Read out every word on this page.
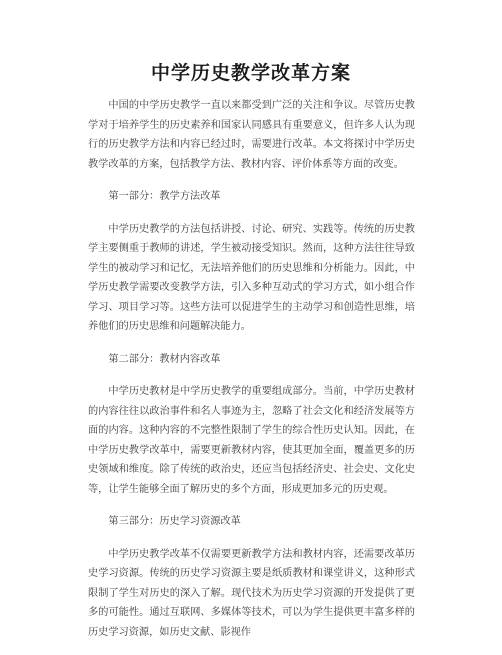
中学历史教学改革方案

中国的中学历史教学一直以来都受到广泛的关注和争议。尽管历史教学对于培养学生的历史素养和国家认同感具有重要意义，但许多人认为现行的历史教学方法和内容已经过时，需要进行改革。本文将探讨中学历史教学改革的方案，包括教学方法、教材内容、评价体系等方面的改变。

第一部分：教学方法改革

中学历史教学的方法包括讲授、讨论、研究、实践等。传统的历史教学主要侧重于教师的讲述，学生被动接受知识。然而，这种方法往往导致学生的被动学习和记忆，无法培养他们的历史思维和分析能力。因此，中学历史教学需要改变教学方法，引入多种互动式的学习方式，如小组合作学习、项目学习等。这些方法可以促进学生的主动学习和创造性思维，培养他们的历史思维和问题解决能力。

第二部分：教材内容改革

中学历史教材是中学历史教学的重要组成部分。当前，中学历史教材的内容往往以政治事件和名人事迹为主，忽略了社会文化和经济发展等方面的内容。这种内容的不完整性限制了学生的综合性历史认知。因此，在中学历史教学改革中，需要更新教材内容，使其更加全面，覆盖更多的历史领域和维度。除了传统的政治史，还应当包括经济史、社会史、文化史等，让学生能够全面了解历史的多个方面，形成更加多元的历史观。

第三部分：历史学习资源改革

中学历史教学改革不仅需要更新教学方法和教材内容，还需要改革历史学习资源。传统的历史学习资源主要是纸质教材和课堂讲义，这种形式限制了学生对历史的深入了解。现代技术为历史学习资源的开发提供了更多的可能性。通过互联网、多媒体等技术，可以为学生提供更丰富多样的历史学习资源，如历史文献、影视作
